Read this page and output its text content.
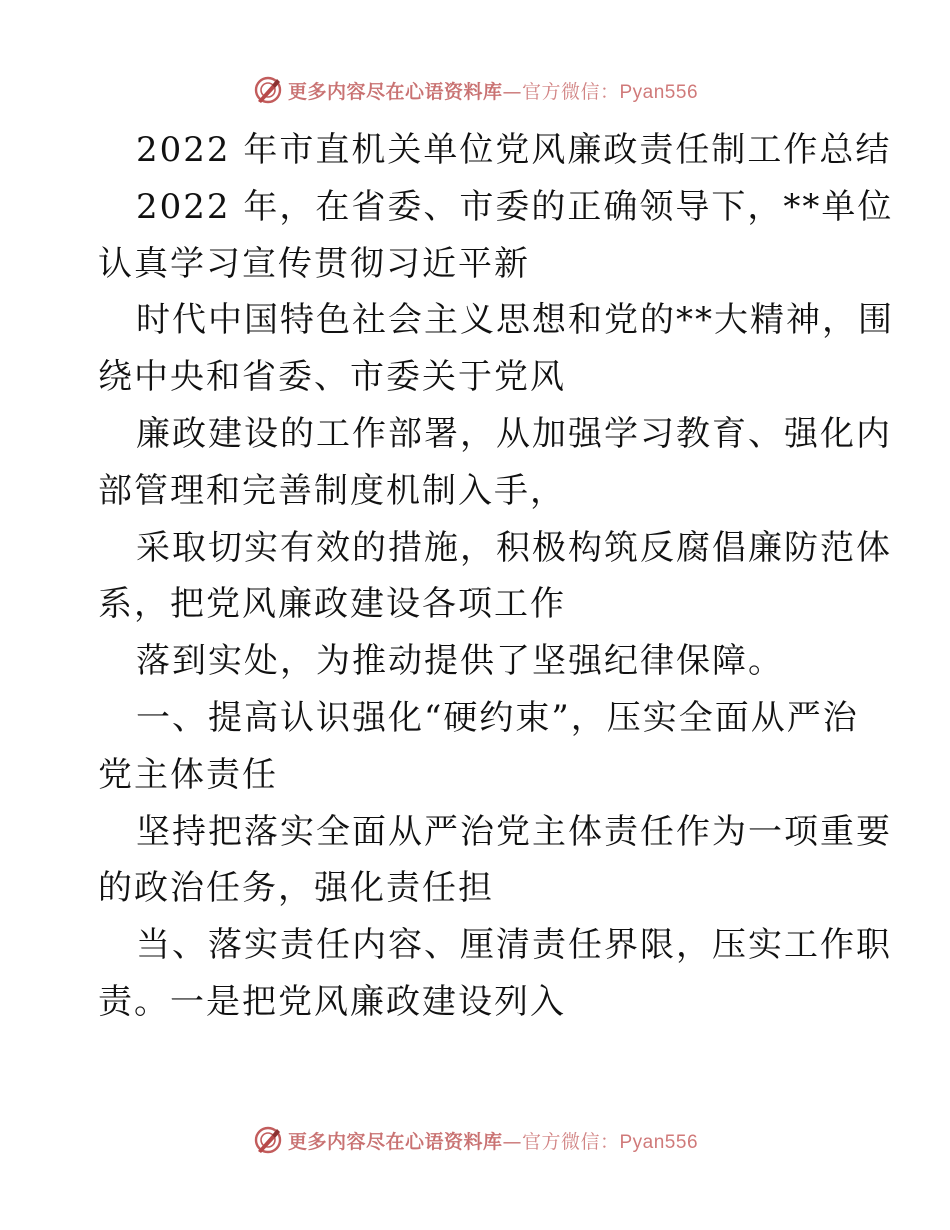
更多内容尽在心语资料库—官方微信：Pyan556
2022 年市直机关单位党风廉政责任制工作总结
2022 年，在省委、市委的正确领导下，**单位
认真学习宣传贯彻习近平新
时代中国特色社会主义思想和党的**大精神，围
绕中央和省委、市委关于党风
廉政建设的工作部署，从加强学习教育、强化内
部管理和完善制度机制入手，
采取切实有效的措施，积极构筑反腐倡廉防范体
系，把党风廉政建设各项工作
落到实处，为推动提供了坚强纪律保障。
一、提高认识强化“硬约束”，压实全面从严治
党主体责任
坚持把落实全面从严治党主体责任作为一项重要
的政治任务，强化责任担
当、落实责任内容、厘清责任界限，压实工作职
责。一是把党风廉政建设列入
更多内容尽在心语资料库—官方微信：Pyan556
